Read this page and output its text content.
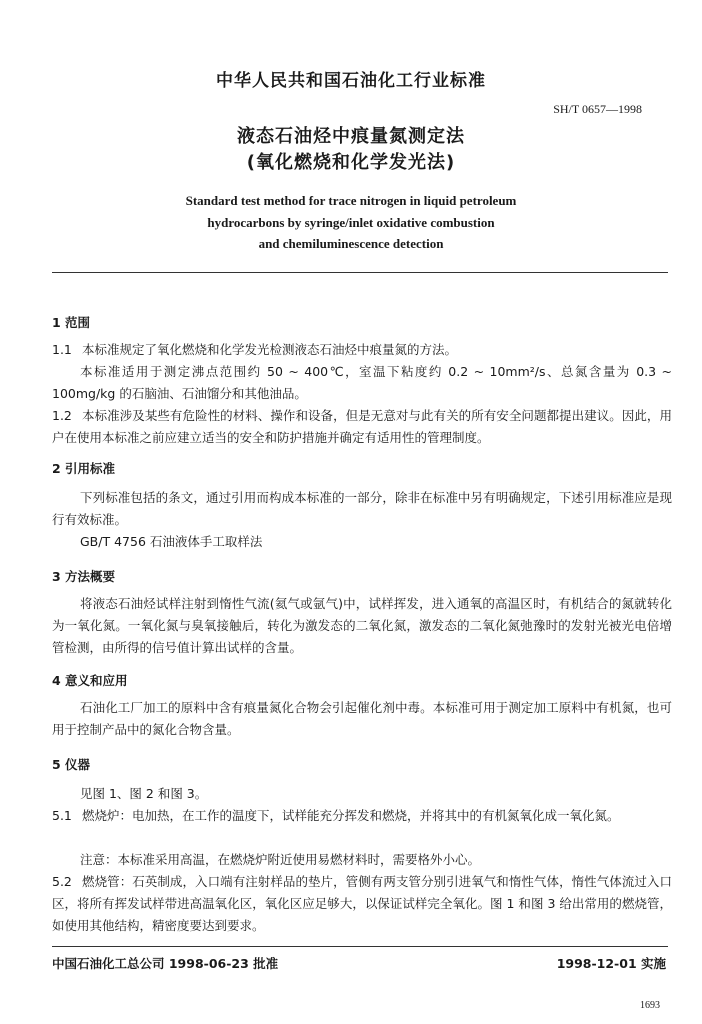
中华人民共和国石油化工行业标准
SH/T 0657—1998
液态石油烃中痕量氮测定法
(氧化燃烧和化学发光法)
Standard test method for trace nitrogen in liquid petroleum
hydrocarbons by syringe/inlet oxidative combustion
and chemiluminescence detection
1 范围
1.1 本标准规定了氧化燃烧和化学发光检测液态石油烃中痕量氮的方法。
本标准适用于测定沸点范围约 50 ~ 400℃，室温下粘度约 0.2 ~ 10mm²/s、总氮含量为 0.3 ~ 100mg/kg 的石脑油、石油馏分和其他油品。
1.2 本标准涉及某些有危险性的材料、操作和设备，但是无意对与此有关的所有安全问题都提出建议。因此，用户在使用本标准之前应建立适当的安全和防护措施并确定有适用性的管理制度。
2 引用标准
下列标准包括的条文，通过引用而构成本标准的一部分，除非在标准中另有明确规定，下述引用标准应是现行有效标准。
GB/T 4756 石油液体手工取样法
3 方法概要
将液态石油烃试样注射到惰性气流(氦气或氩气)中，试样挥发，进入通氧的高温区时，有机结合的氮就转化为一氧化氮。一氧化氮与臭氧接触后，转化为激发态的二氧化氮，激发态的二氧化氮弛豫时的发射光被光电倍增管检测，由所得的信号值计算出试样的含量。
4 意义和应用
石油化工厂加工的原料中含有痕量氮化合物会引起催化剂中毒。本标准可用于测定加工原料中有机氮，也可用于控制产品中的氮化合物含量。
5 仪器
见图 1、图 2 和图 3。
5.1 燃烧炉：电加热，在工作的温度下，试样能充分挥发和燃烧，并将其中的有机氮氧化成一氧化氮。
注意：本标准采用高温，在燃烧炉附近使用易燃材料时，需要格外小心。
5.2 燃烧管：石英制成，入口端有注射样品的垫片，管侧有两支管分别引进氧气和惰性气体，惰性气体流过入口区，将所有挥发试样带进高温氧化区，氧化区应足够大，以保证试样完全氧化。图 1 和图 3 给出常用的燃烧管，如使用其他结构，精密度要达到要求。
中国石油化工总公司 1998-06-23 批准	1998-12-01 实施
1693
